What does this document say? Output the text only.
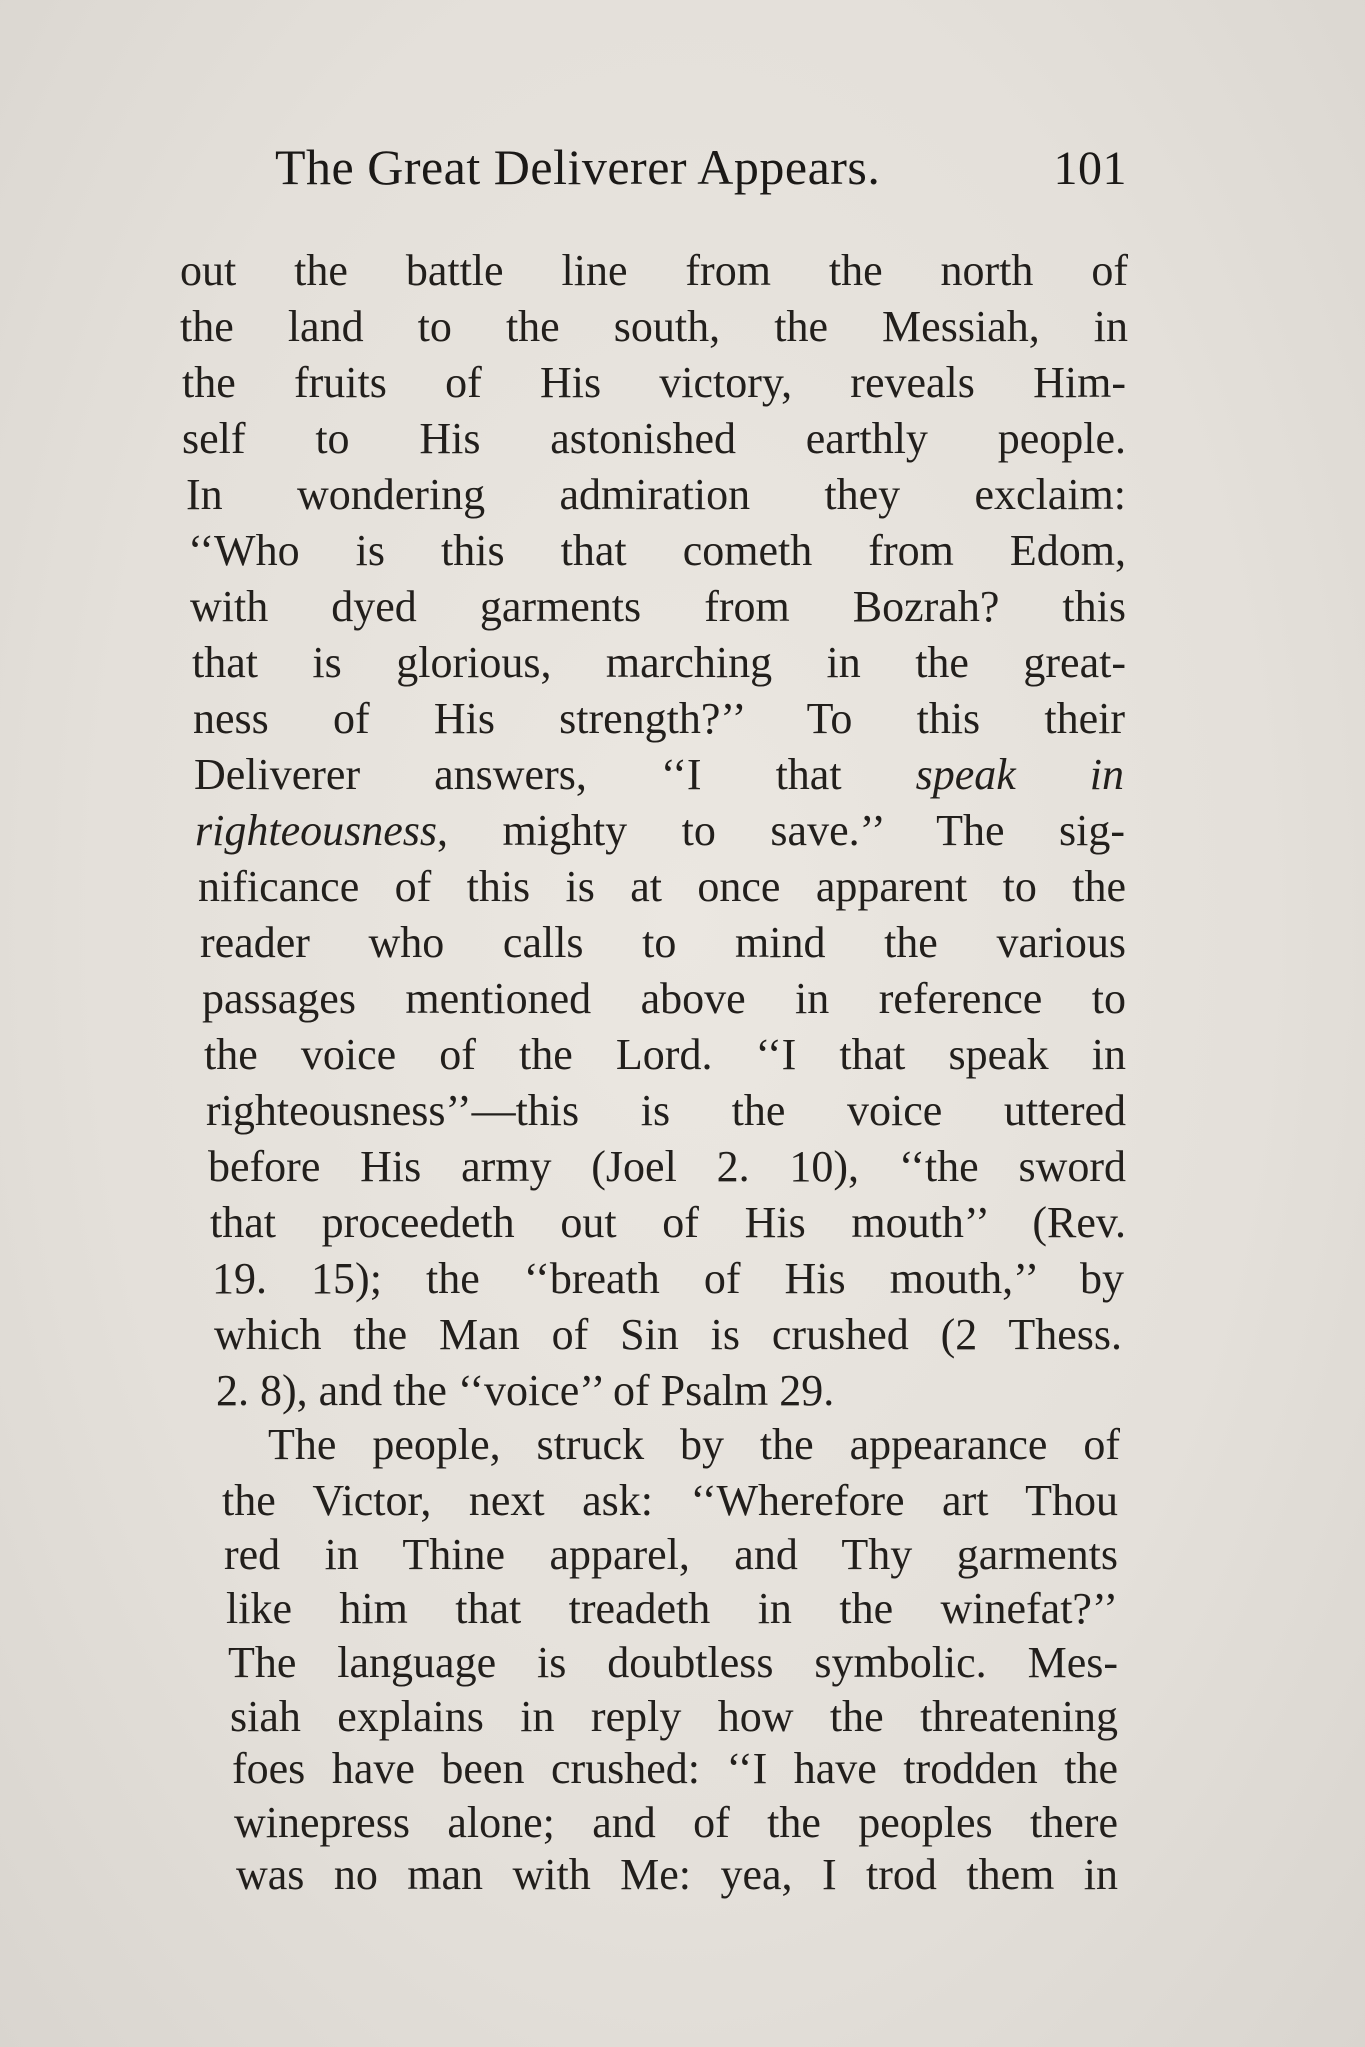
The Great Deliverer Appears.	101
out the battle line from the north of
the land to the south, the Messiah, in
the fruits of His victory, reveals Him-
self to His astonished earthly people.
In wondering admiration they exclaim:
‘‘Who is this that cometh from Edom,
with dyed garments from Bozrah? this
that is glorious, marching in the great-
ness of His strength?’’ To this their
Deliverer answers, ‘‘I that speak in
righteousness, mighty to save.’’ The sig-
nificance of this is at once apparent to the
reader who calls to mind the various
passages mentioned above in reference to
the voice of the Lord. ‘‘I that speak in
righteousness’’—this is the voice uttered
before His army (Joel 2. 10), ‘‘the sword
that proceedeth out of His mouth’’ (Rev.
19. 15); the ‘‘breath of His mouth,’’ by
which the Man of Sin is crushed (2 Thess.
2. 8), and the ‘‘voice’’ of Psalm 29.
The people, struck by the appearance of
the Victor, next ask: ‘‘Wherefore art Thou
red in Thine apparel, and Thy garments
like him that treadeth in the winefat?’’
The language is doubtless symbolic. Mes-
siah explains in reply how the threatening
foes have been crushed: ‘‘I have trodden the
winepress alone; and of the peoples there
was no man with Me: yea, I trod them in
